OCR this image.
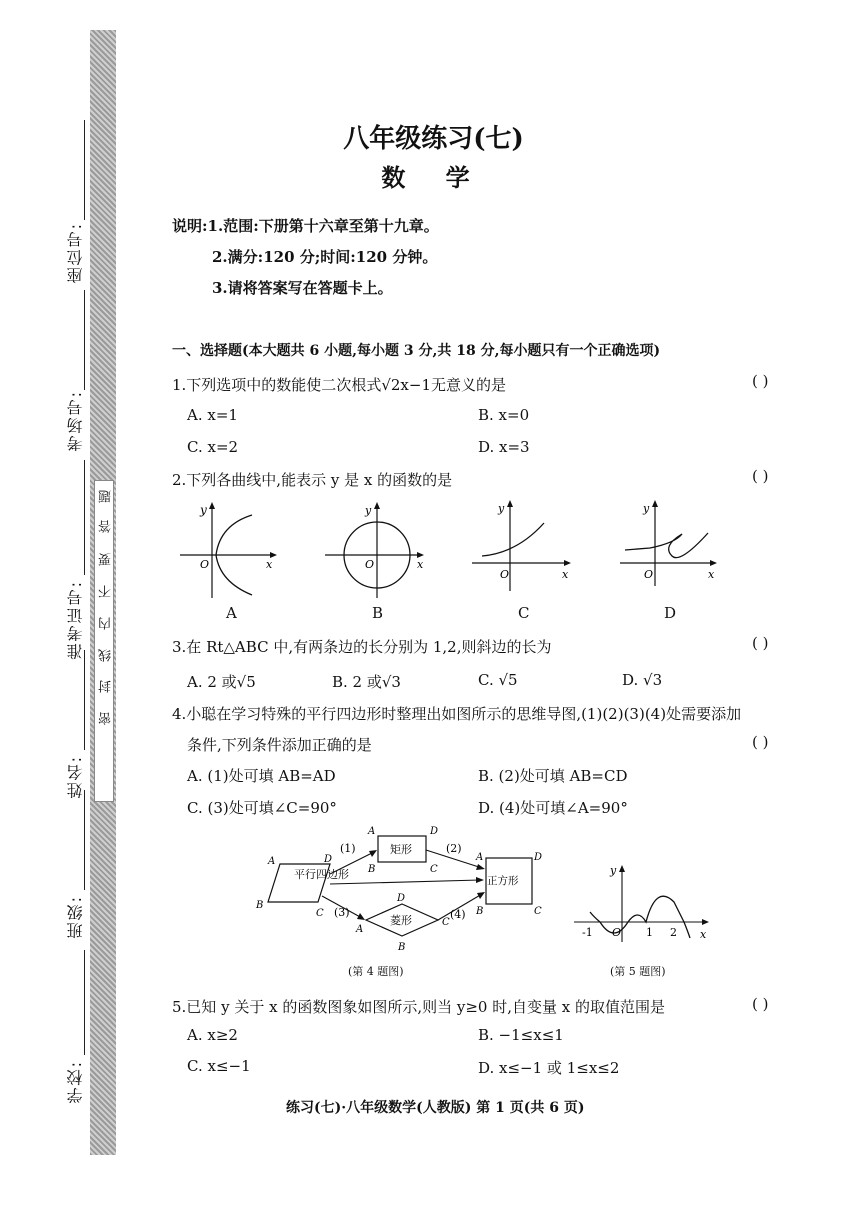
题
答
要
不
内
线
封
密
座位号:
考场号:
准考证号:
姓名:
班级:
学校:
八年级练习(七)
数 学
说明:1.范围:下册第十六章至第十九章。
2.满分:120 分;时间:120 分钟。
3.请将答案写在答题卡上。
一、选择题(本大题共 6 小题,每小题 3 分,共 18 分,每小题只有一个正确选项)
1.下列选项中的数能使二次根式√2x−1无意义的是	( )
A. x=1	B. x=0
C. x=2	D. x=3
2.下列各曲线中,能表示 y 是 x 的函数的是	( )
y
O	x
A
y
O	x
B
y
O	x
C
y
O	x
D
3.在 Rt△ABC 中,有两条边的长分别为 1,2,则斜边的长为	( )
A. 2 或√5	B. 2 或√3	C. √5	D. √3
4.小聪在学习特殊的平行四边形时整理出如图所示的思维导图,(1)(2)(3)(4)处需要添加
条件,下列条件添加正确的是	( )
A. (1)处可填 AB=AD	B. (2)处可填 AB=CD
C. (3)处可填∠C=90°	D. (4)处可填∠A=90°
平行四边形
A	D
B
C
矩形
A	D
B	C
菱形
D
A
C
B
正方形
A	D
B	C
(1)	(2)
(3)	(4)
(第 4 题图)
y
x
-1 O 1 2
(第 5 题图)
5.已知 y 关于 x 的函数图象如图所示,则当 y≥0 时,自变量 x 的取值范围是	( )
A. x≥2	B. −1≤x≤1
C. x≤−1	D. x≤−1 或 1≤x≤2
练习(七)·八年级数学(人教版) 第 1 页(共 6 页)
